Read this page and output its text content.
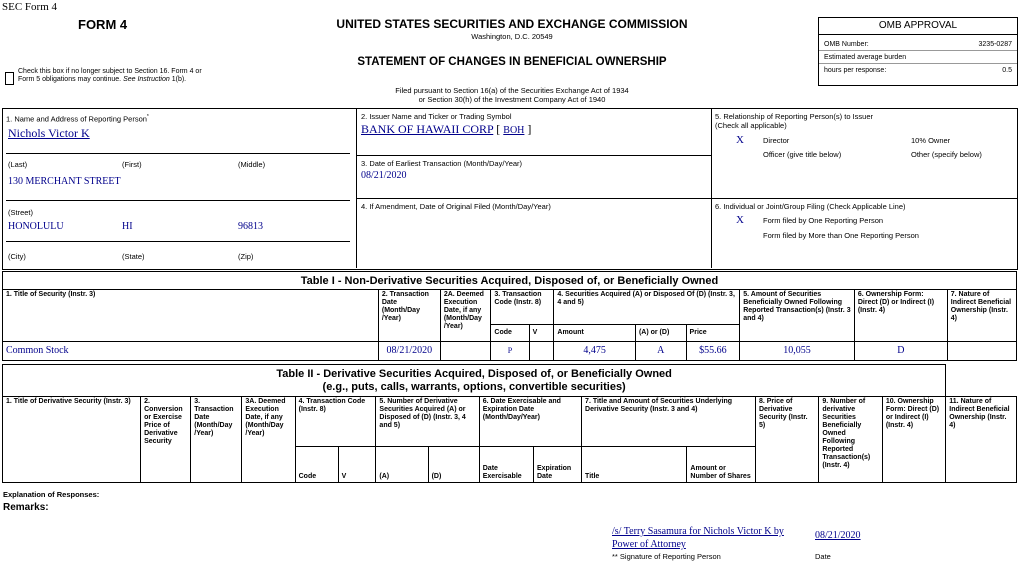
SEC Form 4
FORM 4
Check this box if no longer subject to Section 16. Form 4 or Form 5 obligations may continue. See Instruction 1(b).
UNITED STATES SECURITIES AND EXCHANGE COMMISSION
Washington, D.C. 20549
STATEMENT OF CHANGES IN BENEFICIAL OWNERSHIP
Filed pursuant to Section 16(a) of the Securities Exchange Act of 1934
or Section 30(h) of the Investment Company Act of 1940
OMB APPROVAL
OMB Number:	3235-0287
Estimated average burden
hours per response:	0.5
1. Name and Address of Reporting Person*
Nichols Victor K
(Last)	(First)	(Middle)
130 MERCHANT STREET
(Street)
HONOLULU	HI	96813
(City)	(State)	(Zip)
2. Issuer Name and Ticker or Trading Symbol
BANK OF HAWAII CORP [ BOH ]
3. Date of Earliest Transaction (Month/Day/Year)
08/21/2020
4. If Amendment, Date of Original Filed (Month/Day/Year)
5. Relationship of Reporting Person(s) to Issuer
(Check all applicable)
X	Director	10% Owner
Officer (give title below)	Other (specify below)
6. Individual or Joint/Group Filing (Check Applicable Line)
X	Form filed by One Reporting Person
Form filed by More than One Reporting Person
Table I - Non-Derivative Securities Acquired, Disposed of, or Beneficially Owned										
1. Title of Security (Instr. 3)	2. Transaction Date (Month/Day /Year)	2A. Deemed Execution Date, if any (Month/Day /Year)	3. Transaction Code (Instr. 8)		4. Securities Acquired (A) or Disposed Of (D) (Instr. 3, 4 and 5)			5. Amount of Securities Beneficially Owned Following Reported Transaction(s) (Instr. 3 and 4)	6. Ownership Form: Direct (D) or Indirect (I) (Instr. 4)	7. Nature of Indirect Beneficial Ownership (Instr. 4)
			Code	V	Amount	(A) or (D)	Price			
Common Stock	08/21/2020		P		4,475	A	$55.66	10,055	D	
Table II - Derivative Securities Acquired, Disposed of, or Beneficially Owned
(e.g., puts, calls, warrants, options, convertible securities)															
1. Title of Derivative Security (Instr. 3)	2. Conversion or Exercise Price of Derivative Security	3. Transaction Date (Month/Day /Year)	3A. Deemed Execution Date, if any (Month/Day /Year)	4. Transaction Code (Instr. 8)		5. Number of Derivative Securities Acquired (A) or Disposed of (D) (Instr. 3, 4 and 5)		6. Date Exercisable and Expiration Date (Month/Day/Year)		7. Title and Amount of Securities Underlying Derivative Security (Instr. 3 and 4)		8. Price of Derivative Security (Instr. 5)	9. Number of derivative Securities Beneficially Owned Following Reported Transaction(s) (Instr. 4)	10. Ownership Form: Direct (D) or Indirect (I) (Instr. 4)	11. Nature of Indirect Beneficial Ownership (Instr. 4)
				Code	V	(A)	(D)	Date Exercisable	Expiration Date	Title	Amount or Number of Shares				
Explanation of Responses:
Remarks:
/s/ Terry Sasamura for Nichols Victor K by Power of Attorney
08/21/2020
** Signature of Reporting Person	Date
